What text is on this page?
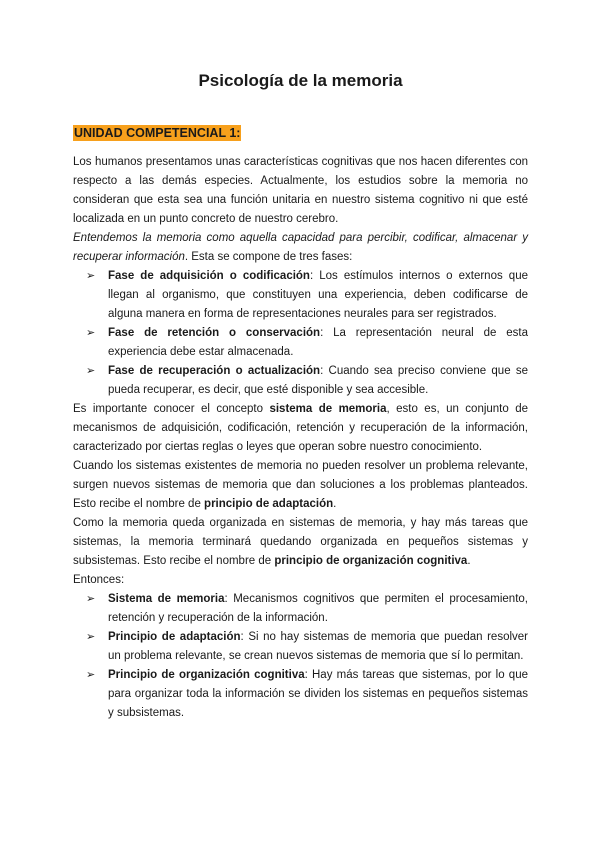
Psicología de la memoria
UNIDAD COMPETENCIAL 1:

Los humanos presentamos unas características cognitivas que nos hacen diferentes con respecto a las demás especies. Actualmente, los estudios sobre la memoria no consideran que esta sea una función unitaria en nuestro sistema cognitivo ni que esté localizada en un punto concreto de nuestro cerebro.

Entendemos la memoria como aquella capacidad para percibir, codificar, almacenar y recuperar información. Esta se compone de tres fases:

➢ Fase de adquisición o codificación: Los estímulos internos o externos que llegan al organismo, que constituyen una experiencia, deben codificarse de alguna manera en forma de representaciones neurales para ser registrados.
➢ Fase de retención o conservación: La representación neural de esta experiencia debe estar almacenada.
➢ Fase de recuperación o actualización: Cuando sea preciso conviene que se pueda recuperar, es decir, que esté disponible y sea accesible.

Es importante conocer el concepto sistema de memoria, esto es, un conjunto de mecanismos de adquisición, codificación, retención y recuperación de la información, caracterizado por ciertas reglas o leyes que operan sobre nuestro conocimiento.

Cuando los sistemas existentes de memoria no pueden resolver un problema relevante, surgen nuevos sistemas de memoria que dan soluciones a los problemas planteados. Esto recibe el nombre de principio de adaptación.

Como la memoria queda organizada en sistemas de memoria, y hay más tareas que sistemas, la memoria terminará quedando organizada en pequeños sistemas y subsistemas. Esto recibe el nombre de principio de organización cognitiva.

Entonces:

➢ Sistema de memoria: Mecanismos cognitivos que permiten el procesamiento, retención y recuperación de la información.
➢ Principio de adaptación: Si no hay sistemas de memoria que puedan resolver un problema relevante, se crean nuevos sistemas de memoria que sí lo permitan.
➢ Principio de organización cognitiva: Hay más tareas que sistemas, por lo que para organizar toda la información se dividen los sistemas en pequeños sistemas y subsistemas.
